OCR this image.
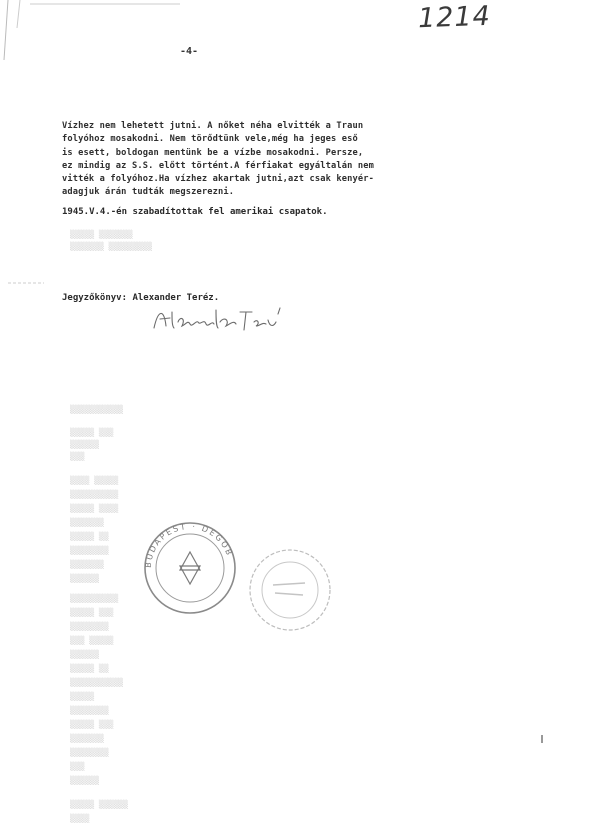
1214
-4-
Vízhez nem lehetett jutni. A nőket néha elvitték a Traun
folyóhoz mosakodni. Nem törődtünk vele,még ha jeges eső
is esett, boldogan mentünk be a vízbe mosakodni. Persze,
ez mindig az S.S. előtt történt.A férfiakat egyáltalán nem
vitték a folyóhoz.Ha vízhez akartak jutni,azt csak kenyér-
adagjuk árán tudták megszerezni.
1945.V.4.-én szabadítottak fel amerikai csapatok.
▒▒▒▒▒ ▒▒▒▒▒▒▒
▒▒▒▒▒▒▒ ▒▒▒▒▒▒▒▒▒
Jegyzőkönyv: Alexander Teréz.
▒▒▒▒▒▒▒▒▒▒▒
▒▒▒▒▒ ▒▒▒
▒▒▒▒▒▒
▒▒▒
▒▒▒▒ ▒▒▒▒▒
▒▒▒▒▒▒▒▒▒▒
▒▒▒▒▒ ▒▒▒▒
▒▒▒▒▒▒▒
▒▒▒▒▒ ▒▒
▒▒▒▒▒▒▒▒
▒▒▒▒▒▒▒
▒▒▒▒▒▒
▒▒▒▒▒▒▒▒▒▒
▒▒▒▒▒ ▒▒▒
▒▒▒▒▒▒▒▒
▒▒▒ ▒▒▒▒▒
▒▒▒▒▒▒
▒▒▒▒▒ ▒▒
▒▒▒▒▒▒▒▒▒▒▒
▒▒▒▒▒
▒▒▒▒▒▒▒▒
▒▒▒▒▒ ▒▒▒
▒▒▒▒▒▒▒
▒▒▒▒▒▒▒▒
▒▒▒
▒▒▒▒▒▒
▒▒▒▒▒ ▒▒▒▒▒▒
▒▒▒▒
BUDAPEST · DEGOB
